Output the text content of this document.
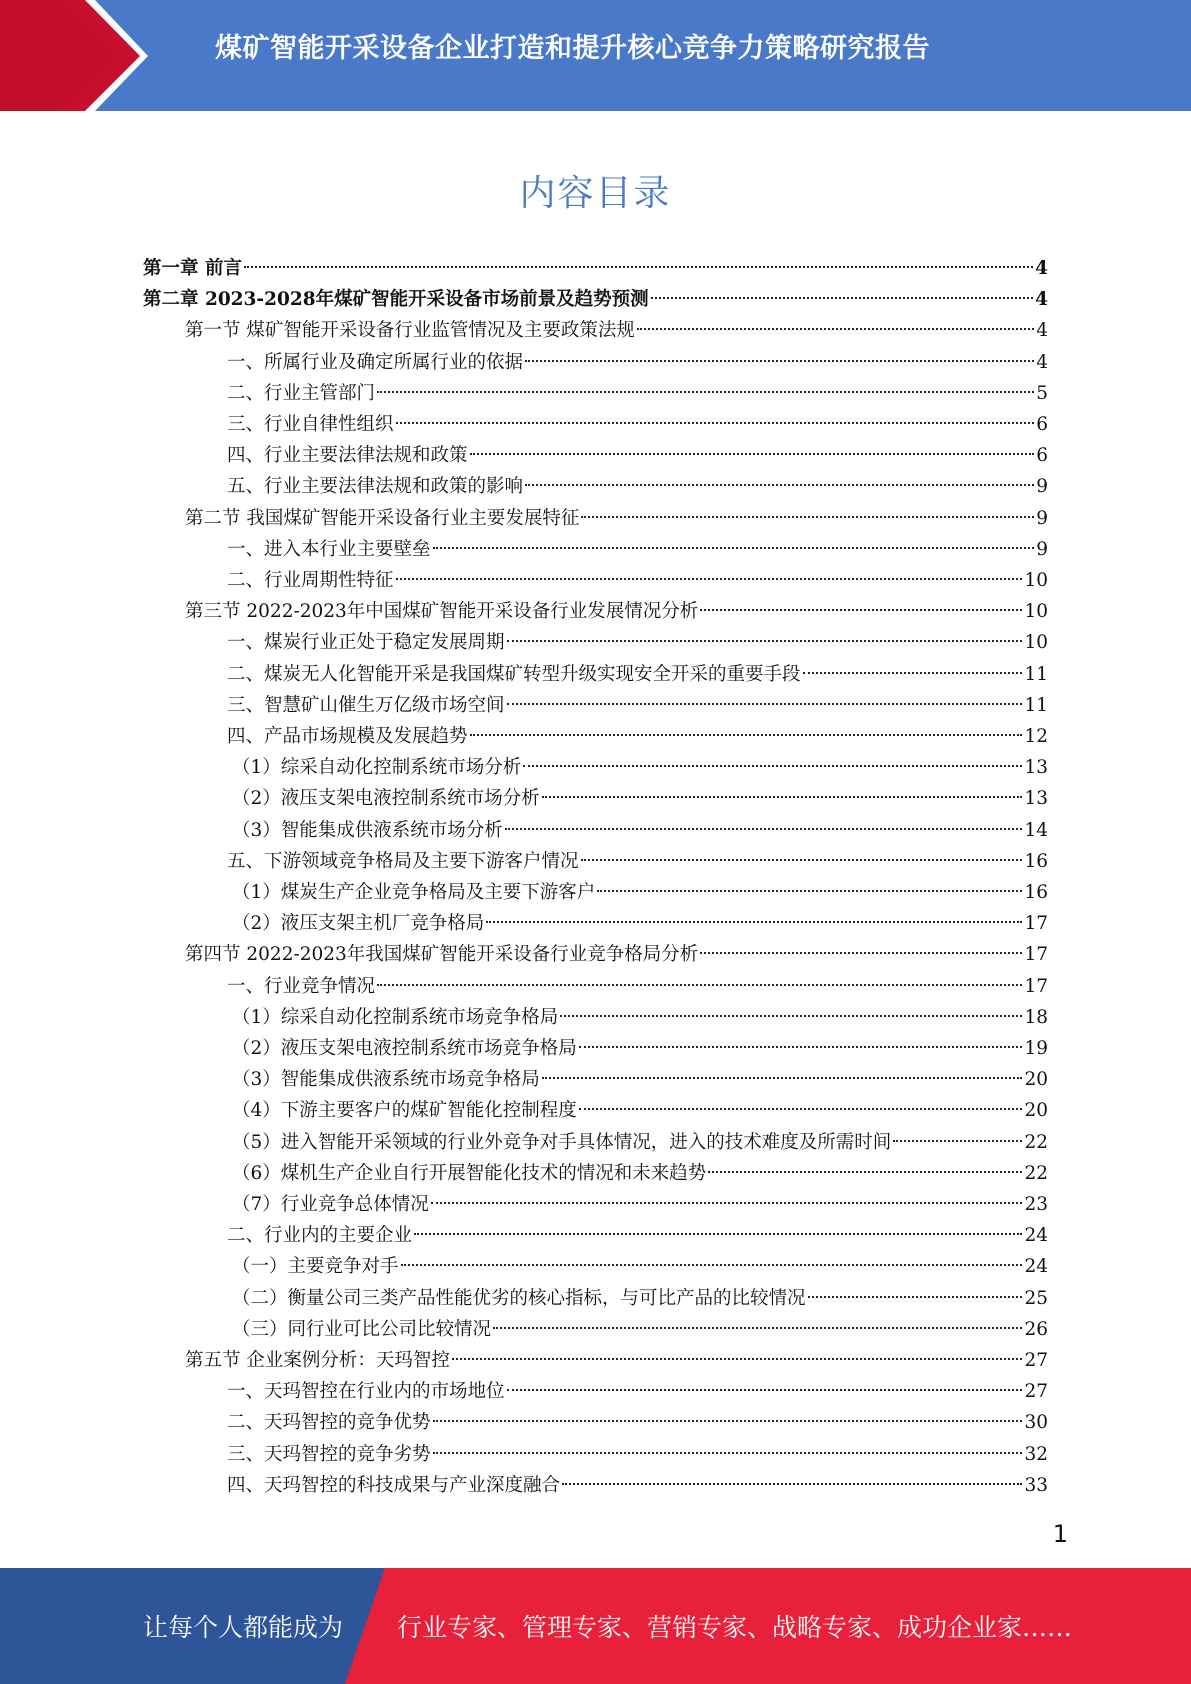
煤矿智能开采设备企业打造和提升核心竞争力策略研究报告
内容目录
第一章 前言	4
第二章 2023-2028年煤矿智能开采设备市场前景及趋势预测	4
第一节 煤矿智能开采设备行业监管情况及主要政策法规	4
一、所属行业及确定所属行业的依据	4
二、行业主管部门	5
三、行业自律性组织	6
四、行业主要法律法规和政策	6
五、行业主要法律法规和政策的影响	9
第二节 我国煤矿智能开采设备行业主要发展特征	9
一、进入本行业主要壁垒	9
二、行业周期性特征	10
第三节 2022-2023年中国煤矿智能开采设备行业发展情况分析	10
一、煤炭行业正处于稳定发展周期	10
二、煤炭无人化智能开采是我国煤矿转型升级实现安全开采的重要手段	11
三、智慧矿山催生万亿级市场空间	11
四、产品市场规模及发展趋势	12
（1）综采自动化控制系统市场分析	13
（2）液压支架电液控制系统市场分析	13
（3）智能集成供液系统市场分析	14
五、下游领域竞争格局及主要下游客户情况	16
（1）煤炭生产企业竞争格局及主要下游客户	16
（2）液压支架主机厂竞争格局	17
第四节 2022-2023年我国煤矿智能开采设备行业竞争格局分析	17
一、行业竞争情况	17
（1）综采自动化控制系统市场竞争格局	18
（2）液压支架电液控制系统市场竞争格局	19
（3）智能集成供液系统市场竞争格局	20
（4）下游主要客户的煤矿智能化控制程度	20
（5）进入智能开采领域的行业外竞争对手具体情况，进入的技术难度及所需时间	22
（6）煤机生产企业自行开展智能化技术的情况和未来趋势	22
（7）行业竞争总体情况	23
二、行业内的主要企业	24
（一）主要竞争对手	24
（二）衡量公司三类产品性能优劣的核心指标，与可比产品的比较情况	25
（三）同行业可比公司比较情况	26
第五节 企业案例分析：天玛智控	27
一、天玛智控在行业内的市场地位	27
二、天玛智控的竞争优势	30
三、天玛智控的竞争劣势	32
四、天玛智控的科技成果与产业深度融合	33
1
让每个人都能成为 行业专家、管理专家、营销专家、战略专家、成功企业家……
